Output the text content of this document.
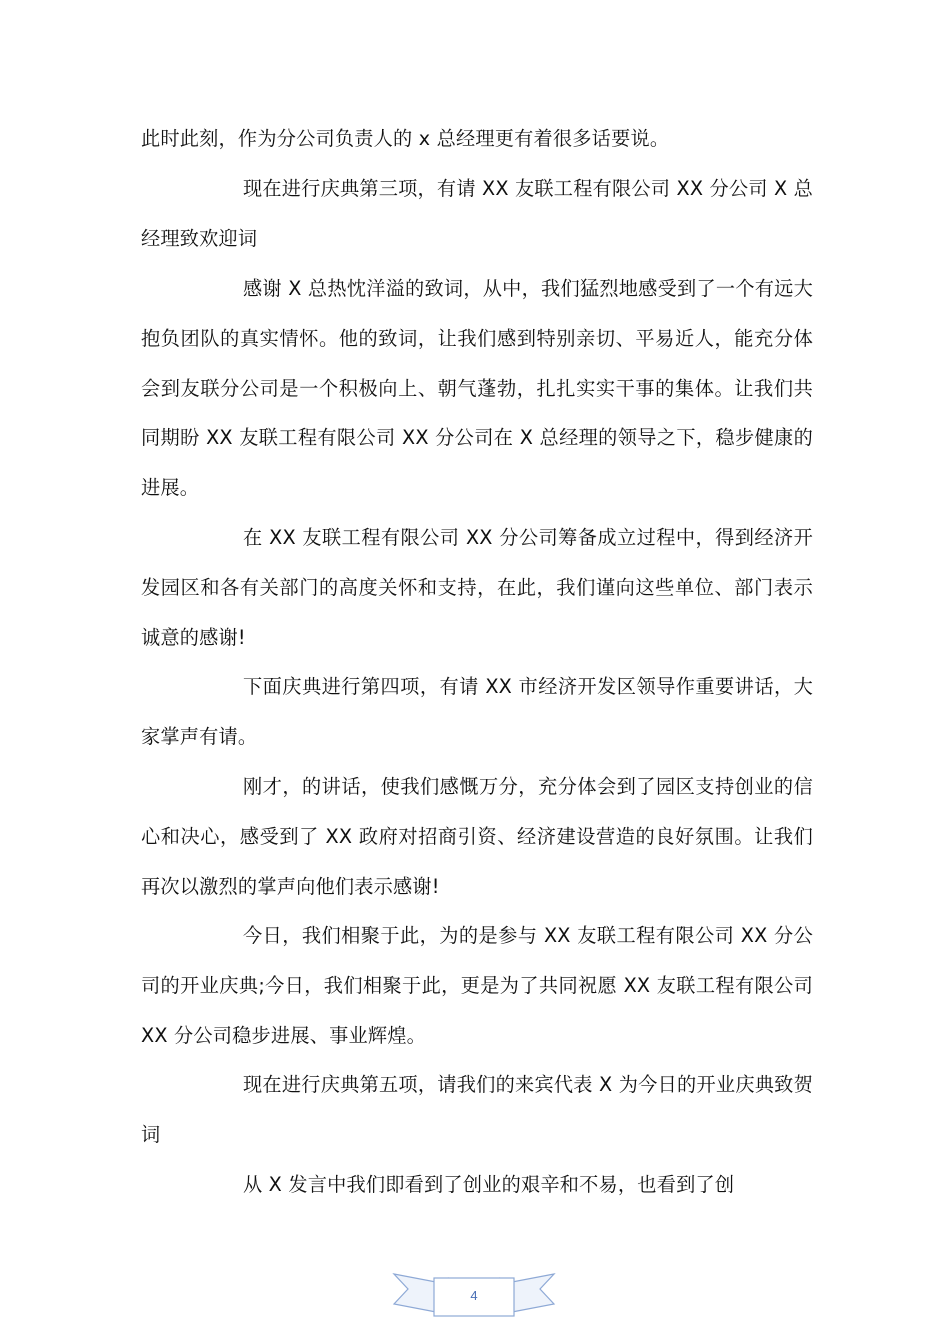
此时此刻，作为分公司负责人的 x 总经理更有着很多话要说。

现在进行庆典第三项，有请 XX 友联工程有限公司 XX 分公司 X 总经理致欢迎词

感谢 X 总热忱洋溢的致词，从中，我们猛烈地感受到了一个有远大抱负团队的真实情怀。他的致词，让我们感到特别亲切、平易近人，能充分体会到友联分公司是一个积极向上、朝气蓬勃，扎扎实实干事的集体。让我们共同期盼 XX 友联工程有限公司 XX 分公司在 X 总经理的领导之下，稳步健康的进展。

在 XX 友联工程有限公司 XX 分公司筹备成立过程中，得到经济开发园区和各有关部门的高度关怀和支持，在此，我们谨向这些单位、部门表示诚意的感谢!

下面庆典进行第四项，有请 XX 市经济开发区领导作重要讲话，大家掌声有请。

刚才，的讲话，使我们感慨万分，充分体会到了园区支持创业的信心和决心，感受到了 XX 政府对招商引资、经济建设营造的良好氛围。让我们再次以激烈的掌声向他们表示感谢!

今日，我们相聚于此，为的是参与 XX 友联工程有限公司 XX 分公司的开业庆典;今日，我们相聚于此，更是为了共同祝愿 XX 友联工程有限公司 XX 分公司稳步进展、事业辉煌。

现在进行庆典第五项，请我们的来宾代表 X 为今日的开业庆典致贺词

从 X 发言中我们即看到了创业的艰辛和不易，也看到了创

4
